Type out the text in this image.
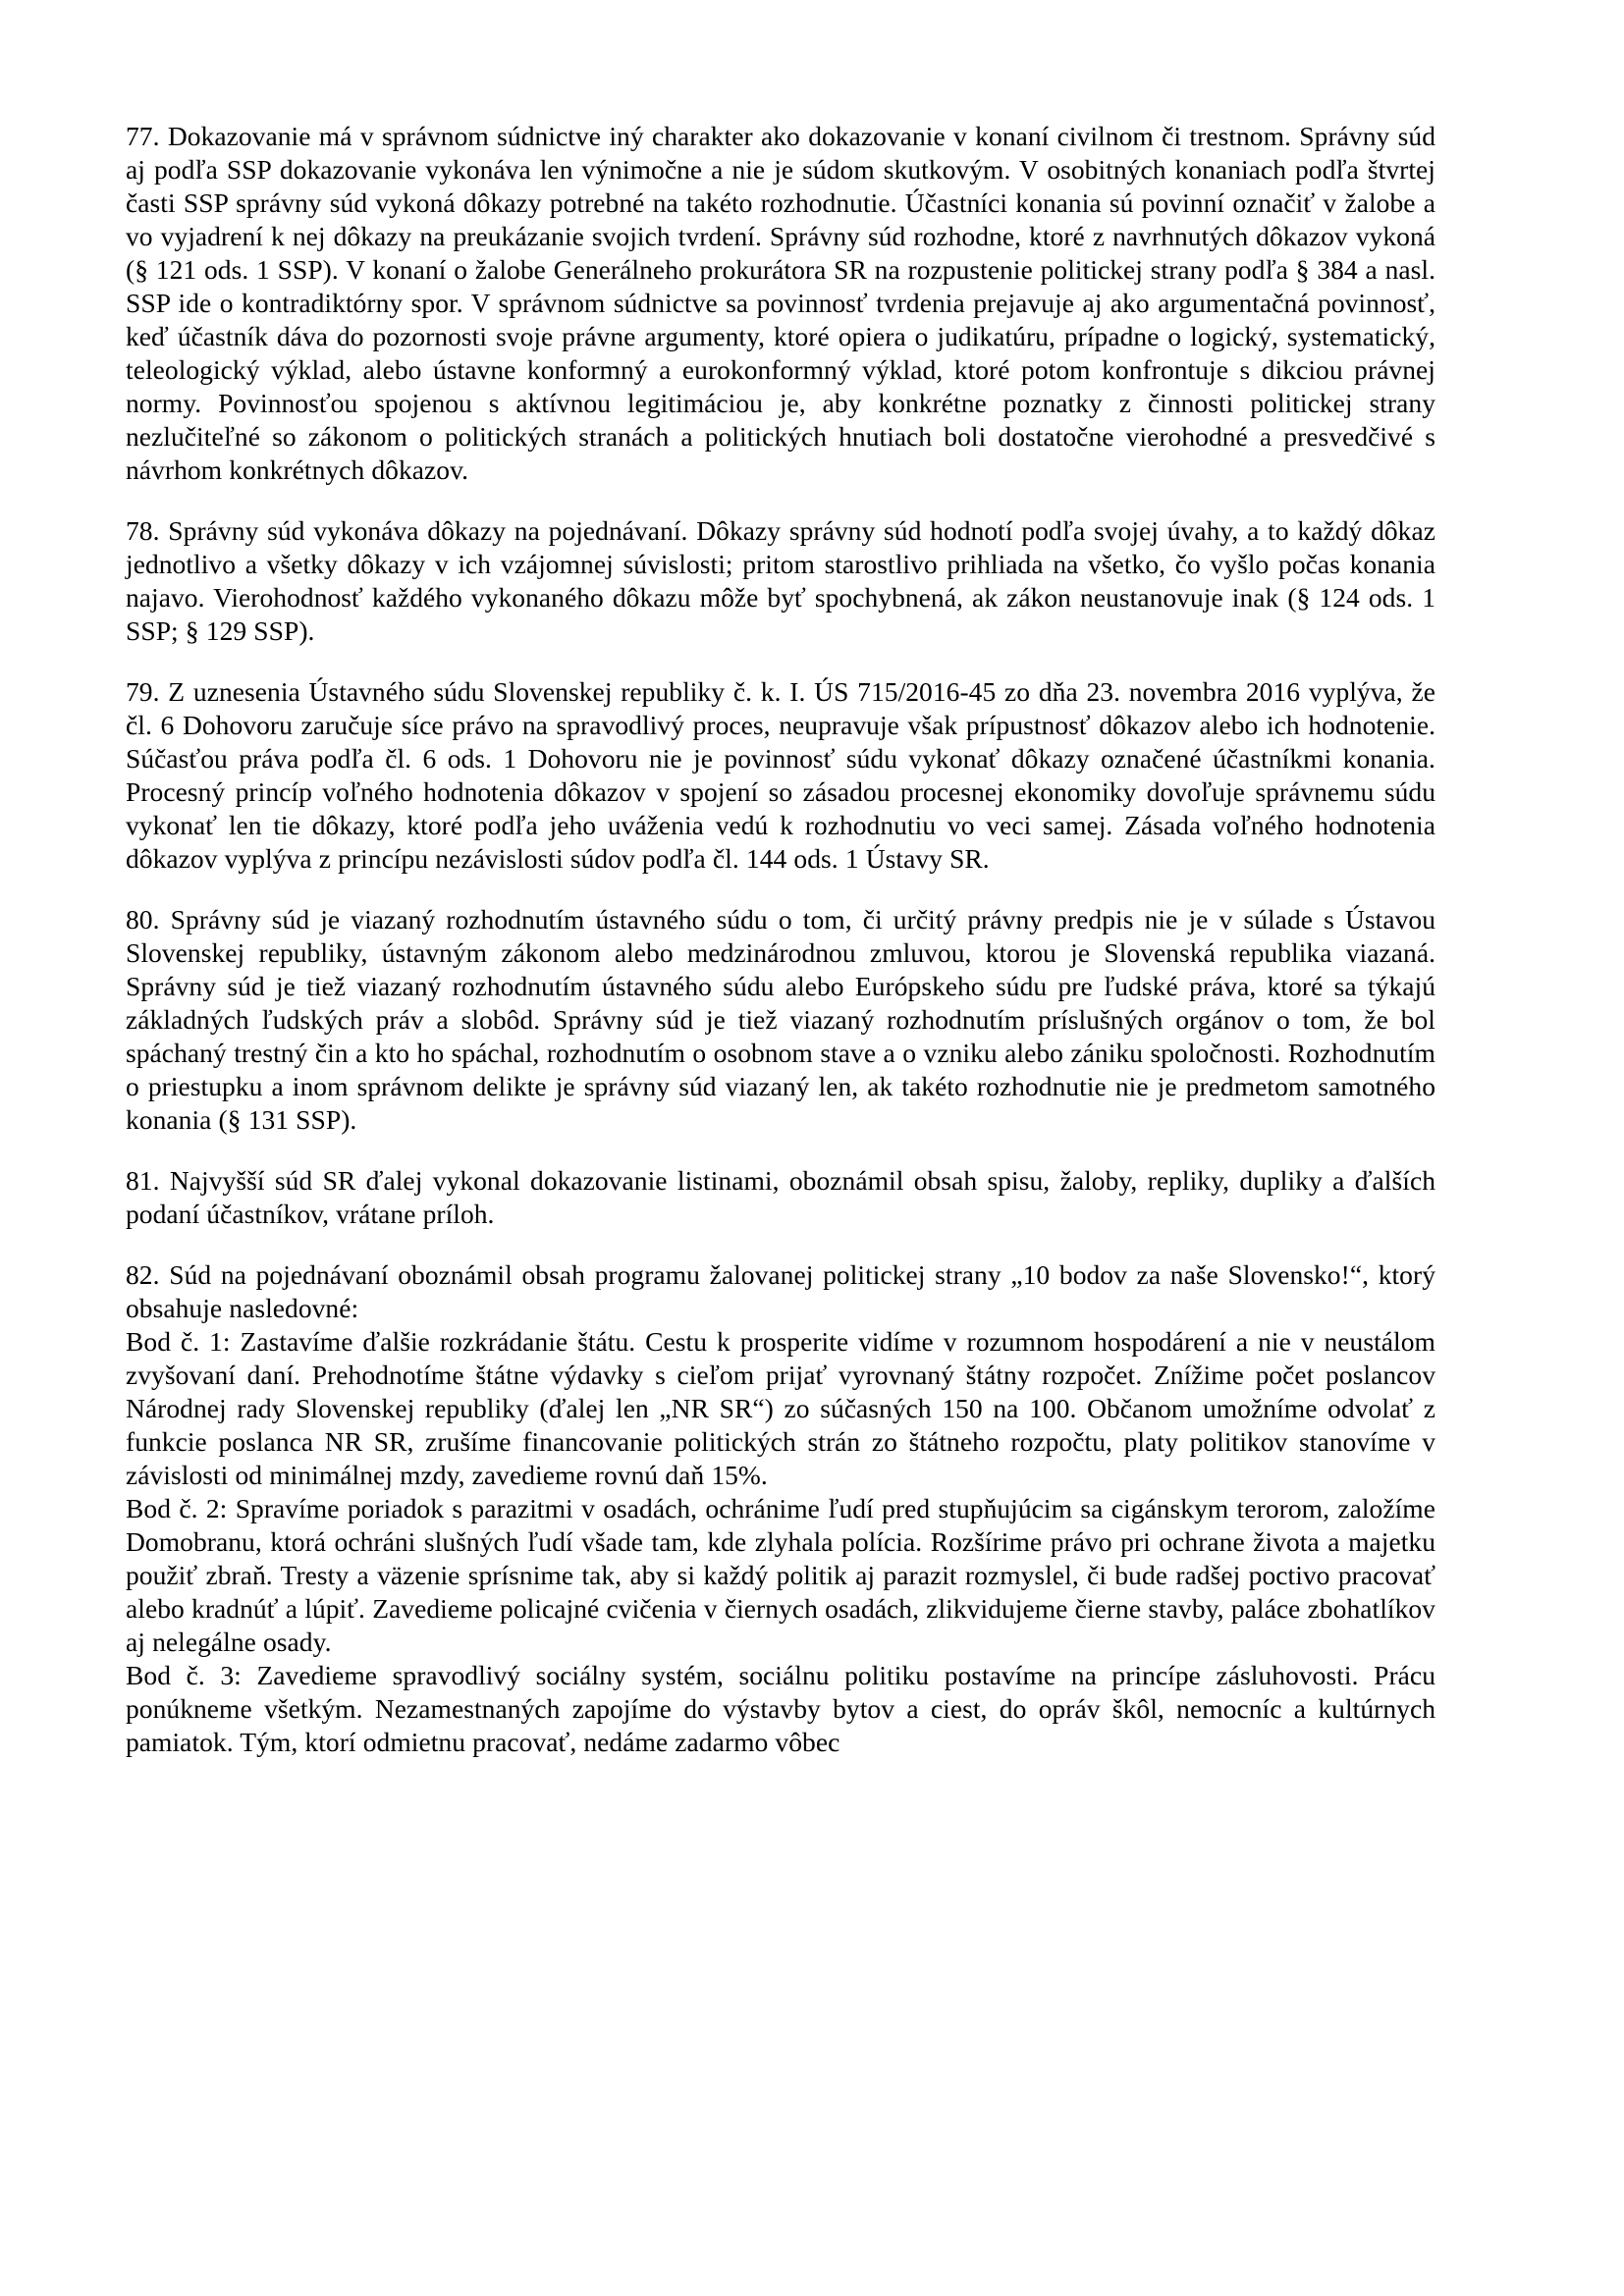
77. Dokazovanie má v správnom súdnictve iný charakter ako dokazovanie v konaní civilnom či trestnom. Správny súd aj podľa SSP dokazovanie vykonáva len výnimočne a nie je súdom skutkovým. V osobitných konaniach podľa štvrtej časti SSP správny súd vykoná dôkazy potrebné na takéto rozhodnutie. Účastníci konania sú povinní označiť v žalobe a vo vyjadrení k nej dôkazy na preukázanie svojich tvrdení. Správny súd rozhodne, ktoré z navrhnutých dôkazov vykoná (§ 121 ods. 1 SSP). V konaní o žalobe Generálneho prokurátora SR na rozpustenie politickej strany podľa § 384 a nasl. SSP ide o kontradiktórny spor. V správnom súdnictve sa povinnosť tvrdenia prejavuje aj ako argumentačná povinnosť, keď účastník dáva do pozornosti svoje právne argumenty, ktoré opiera o judikatúru, prípadne o logický, systematický, teleologický výklad, alebo ústavne konformný a eurokonformný výklad, ktoré potom konfrontuje s dikciou právnej normy. Povinnosťou spojenou s aktívnou legitimáciou je, aby konkrétne poznatky z činnosti politickej strany nezlučiteľné so zákonom o politických stranách a politických hnutiach boli dostatočne vierohodné a presvedčivé s návrhom konkrétnych dôkazov.

78. Správny súd vykonáva dôkazy na pojednávaní. Dôkazy správny súd hodnotí podľa svojej úvahy, a to každý dôkaz jednotlivo a všetky dôkazy v ich vzájomnej súvislosti; pritom starostlivo prihliada na všetko, čo vyšlo počas konania najavo. Vierohodnosť každého vykonaného dôkazu môže byť spochybnená, ak zákon neustanovuje inak (§ 124 ods. 1 SSP; § 129 SSP).

79. Z uznesenia Ústavného súdu Slovenskej republiky č. k. I. ÚS 715/2016-45 zo dňa 23. novembra 2016 vyplýva, že čl. 6 Dohovoru zaručuje síce právo na spravodlivý proces, neupravuje však prípustnosť dôkazov alebo ich hodnotenie. Súčasťou práva podľa čl. 6 ods. 1 Dohovoru nie je povinnosť súdu vykonať dôkazy označené účastníkmi konania. Procesný princíp voľného hodnotenia dôkazov v spojení so zásadou procesnej ekonomiky dovoľuje správnemu súdu vykonať len tie dôkazy, ktoré podľa jeho uváženia vedú k rozhodnutiu vo veci samej. Zásada voľného hodnotenia dôkazov vyplýva z princípu nezávislosti súdov podľa čl. 144 ods. 1 Ústavy SR.

80. Správny súd je viazaný rozhodnutím ústavného súdu o tom, či určitý právny predpis nie je v súlade s Ústavou Slovenskej republiky, ústavným zákonom alebo medzinárodnou zmluvou, ktorou je Slovenská republika viazaná. Správny súd je tiež viazaný rozhodnutím ústavného súdu alebo Európskeho súdu pre ľudské práva, ktoré sa týkajú základných ľudských práv a slobôd. Správny súd je tiež viazaný rozhodnutím príslušných orgánov o tom, že bol spáchaný trestný čin a kto ho spáchal, rozhodnutím o osobnom stave a o vzniku alebo zániku spoločnosti. Rozhodnutím o priestupku a inom správnom delikte je správny súd viazaný len, ak takéto rozhodnutie nie je predmetom samotného konania (§ 131 SSP).

81. Najvyšší súd SR ďalej vykonal dokazovanie listinami, oboznámil obsah spisu, žaloby, repliky, dupliky a ďalších podaní účastníkov, vrátane príloh.

82. Súd na pojednávaní oboznámil obsah programu žalovanej politickej strany „10 bodov za naše Slovensko!“, ktorý obsahuje nasledovné:
Bod č. 1: Zastavíme ďalšie rozkrádanie štátu. Cestu k prosperite vidíme v rozumnom hospodárení a nie v neustálom zvyšovaní daní. Prehodnotíme štátne výdavky s cieľom prijať vyrovnaný štátny rozpočet. Znížime počet poslancov Národnej rady Slovenskej republiky (ďalej len „NR SR“) zo súčasných 150 na 100. Občanom umožníme odvolať z funkcie poslanca NR SR, zrušíme financovanie politických strán zo štátneho rozpočtu, platy politikov stanovíme v závislosti od minimálnej mzdy, zavedieme rovnú daň 15%.
Bod č. 2: Spravíme poriadok s parazitmi v osadách, ochránime ľudí pred stupňujúcim sa cigánskym terorom, založíme Domobranu, ktorá ochráni slušných ľudí všade tam, kde zlyhala polícia. Rozšírime právo pri ochrane života a majetku použiť zbraň. Tresty a väzenie sprísnime tak, aby si každý politik aj parazit rozmyslel, či bude radšej poctivo pracovať alebo kradnúť a lúpiť. Zavedieme policajné cvičenia v čiernych osadách, zlikvidujeme čierne stavby, paláce zbohatlíkov aj nelegálne osady.
Bod č. 3: Zavedieme spravodlivý sociálny systém, sociálnu politiku postavíme na princípe zásluhovosti. Prácu ponúkneme všetkým. Nezamestnaných zapojíme do výstavby bytov a ciest, do opráv škôl, nemocníc a kultúrnych pamiatok. Tým, ktorí odmietnu pracovať, nedáme zadarmo vôbec
